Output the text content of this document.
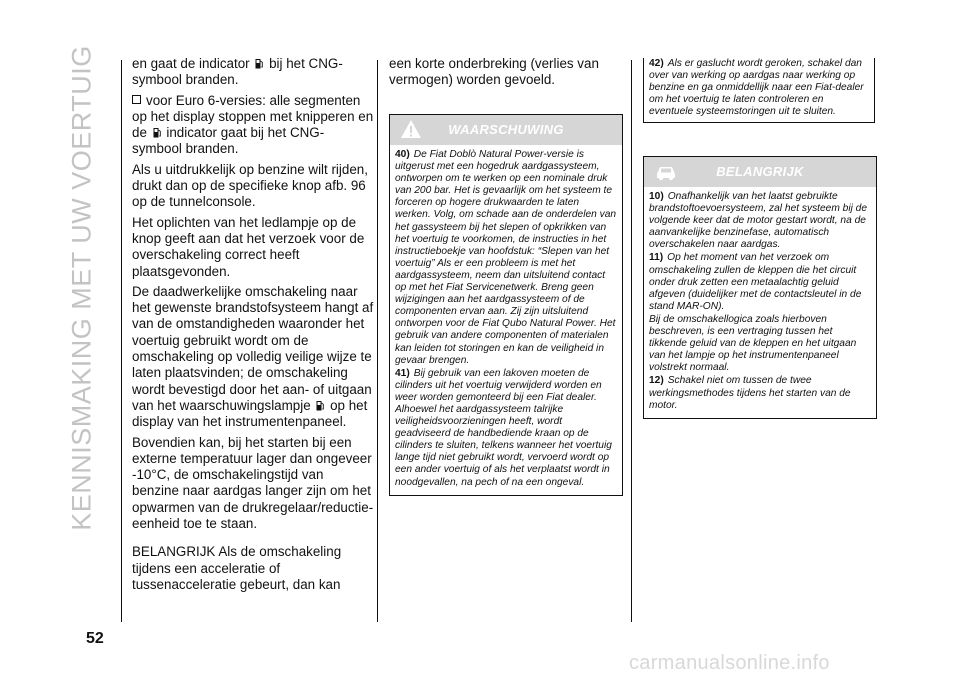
KENNISMAKING MET UW VOERTUIG
52

en gaat de indicator bij het CNG-symbool branden.

voor Euro 6-versies: alle segmenten op het display stoppen met knipperen en de indicator gaat bij het CNG-symbool branden.

Als u uitdrukkelijk op benzine wilt rijden, drukt dan op de specifieke knop afb. 96 op de tunnelconsole.

Het oplichten van het ledlampje op de knop geeft aan dat het verzoek voor de overschakeling correct heeft plaatsgevonden.

De daadwerkelijke omschakeling naar het gewenste brandstofsysteem hangt af van de omstandigheden waaronder het voertuig gebruikt wordt om de omschakeling op volledig veilige wijze te laten plaatsvinden; de omschakeling wordt bevestigd door het aan- of uitgaan van het waarschuwingslampje op het display van het instrumentenpaneel.

Bovendien kan, bij het starten bij een externe temperatuur lager dan ongeveer -10°C, de omschakelingstijd van benzine naar aardgas langer zijn om het opwarmen van de drukregelaar/reductie-eenheid toe te staan.

BELANGRIJK Als de omschakeling tijdens een acceleratie of tussenacceleratie gebeurt, dan kan

een korte onderbreking (verlies van vermogen) worden gevoeld.

WAARSCHUWING

40) De Fiat Doblò Natural Power-versie is uitgerust met een hogedruk aardgassysteem, ontworpen om te werken op een nominale druk van 200 bar. Het is gevaarlijk om het systeem te forceren op hogere drukwaarden te laten werken. Volg, om schade aan de onderdelen van het gassysteem bij het slepen of opkrikken van het voertuig te voorkomen, de instructies in het instructieboekje van hoofdstuk: “Slepen van het voertuig” Als er een probleem is met het aardgassysteem, neem dan uitsluitend contact op met het Fiat Servicenetwerk. Breng geen wijzigingen aan het aardgassysteem of de componenten ervan aan. Zij zijn uitsluitend ontworpen voor de Fiat Qubo Natural Power. Het gebruik van andere componenten of materialen kan leiden tot storingen en kan de veiligheid in gevaar brengen.

41) Bij gebruik van een lakoven moeten de cilinders uit het voertuig verwijderd worden en weer worden gemonteerd bij een Fiat dealer. Alhoewel het aardgassysteem talrijke veiligheidsvoorzieningen heeft, wordt geadviseerd de handbediende kraan op de cilinders te sluiten, telkens wanneer het voertuig lange tijd niet gebruikt wordt, vervoerd wordt op een ander voertuig of als het verplaatst wordt in noodgevallen, na pech of na een ongeval.

42) Als er gaslucht wordt geroken, schakel dan over van werking op aardgas naar werking op benzine en ga onmiddellijk naar een Fiat-dealer om het voertuig te laten controleren en eventuele systeemstoringen uit te sluiten.
BELANGRIJK

10) Onafhankelijk van het laatst gebruikte brandstoftoevoersysteem, zal het systeem bij de volgende keer dat de motor gestart wordt, na de aanvankelijke benzinefase, automatisch overschakelen naar aardgas.

11) Op het moment van het verzoek om omschakeling zullen de kleppen die het circuit onder druk zetten een metaalachtig geluid afgeven (duidelijker met de contactsleutel in de stand MAR-ON).

Bij de omschakellogica zoals hierboven beschreven, is een vertraging tussen het tikkende geluid van de kleppen en het uitgaan van het lampje op het instrumentenpaneel volstrekt normaal.

12) Schakel niet om tussen de twee werkingsmethodes tijdens het starten van de motor.

carmanualsonline.info
